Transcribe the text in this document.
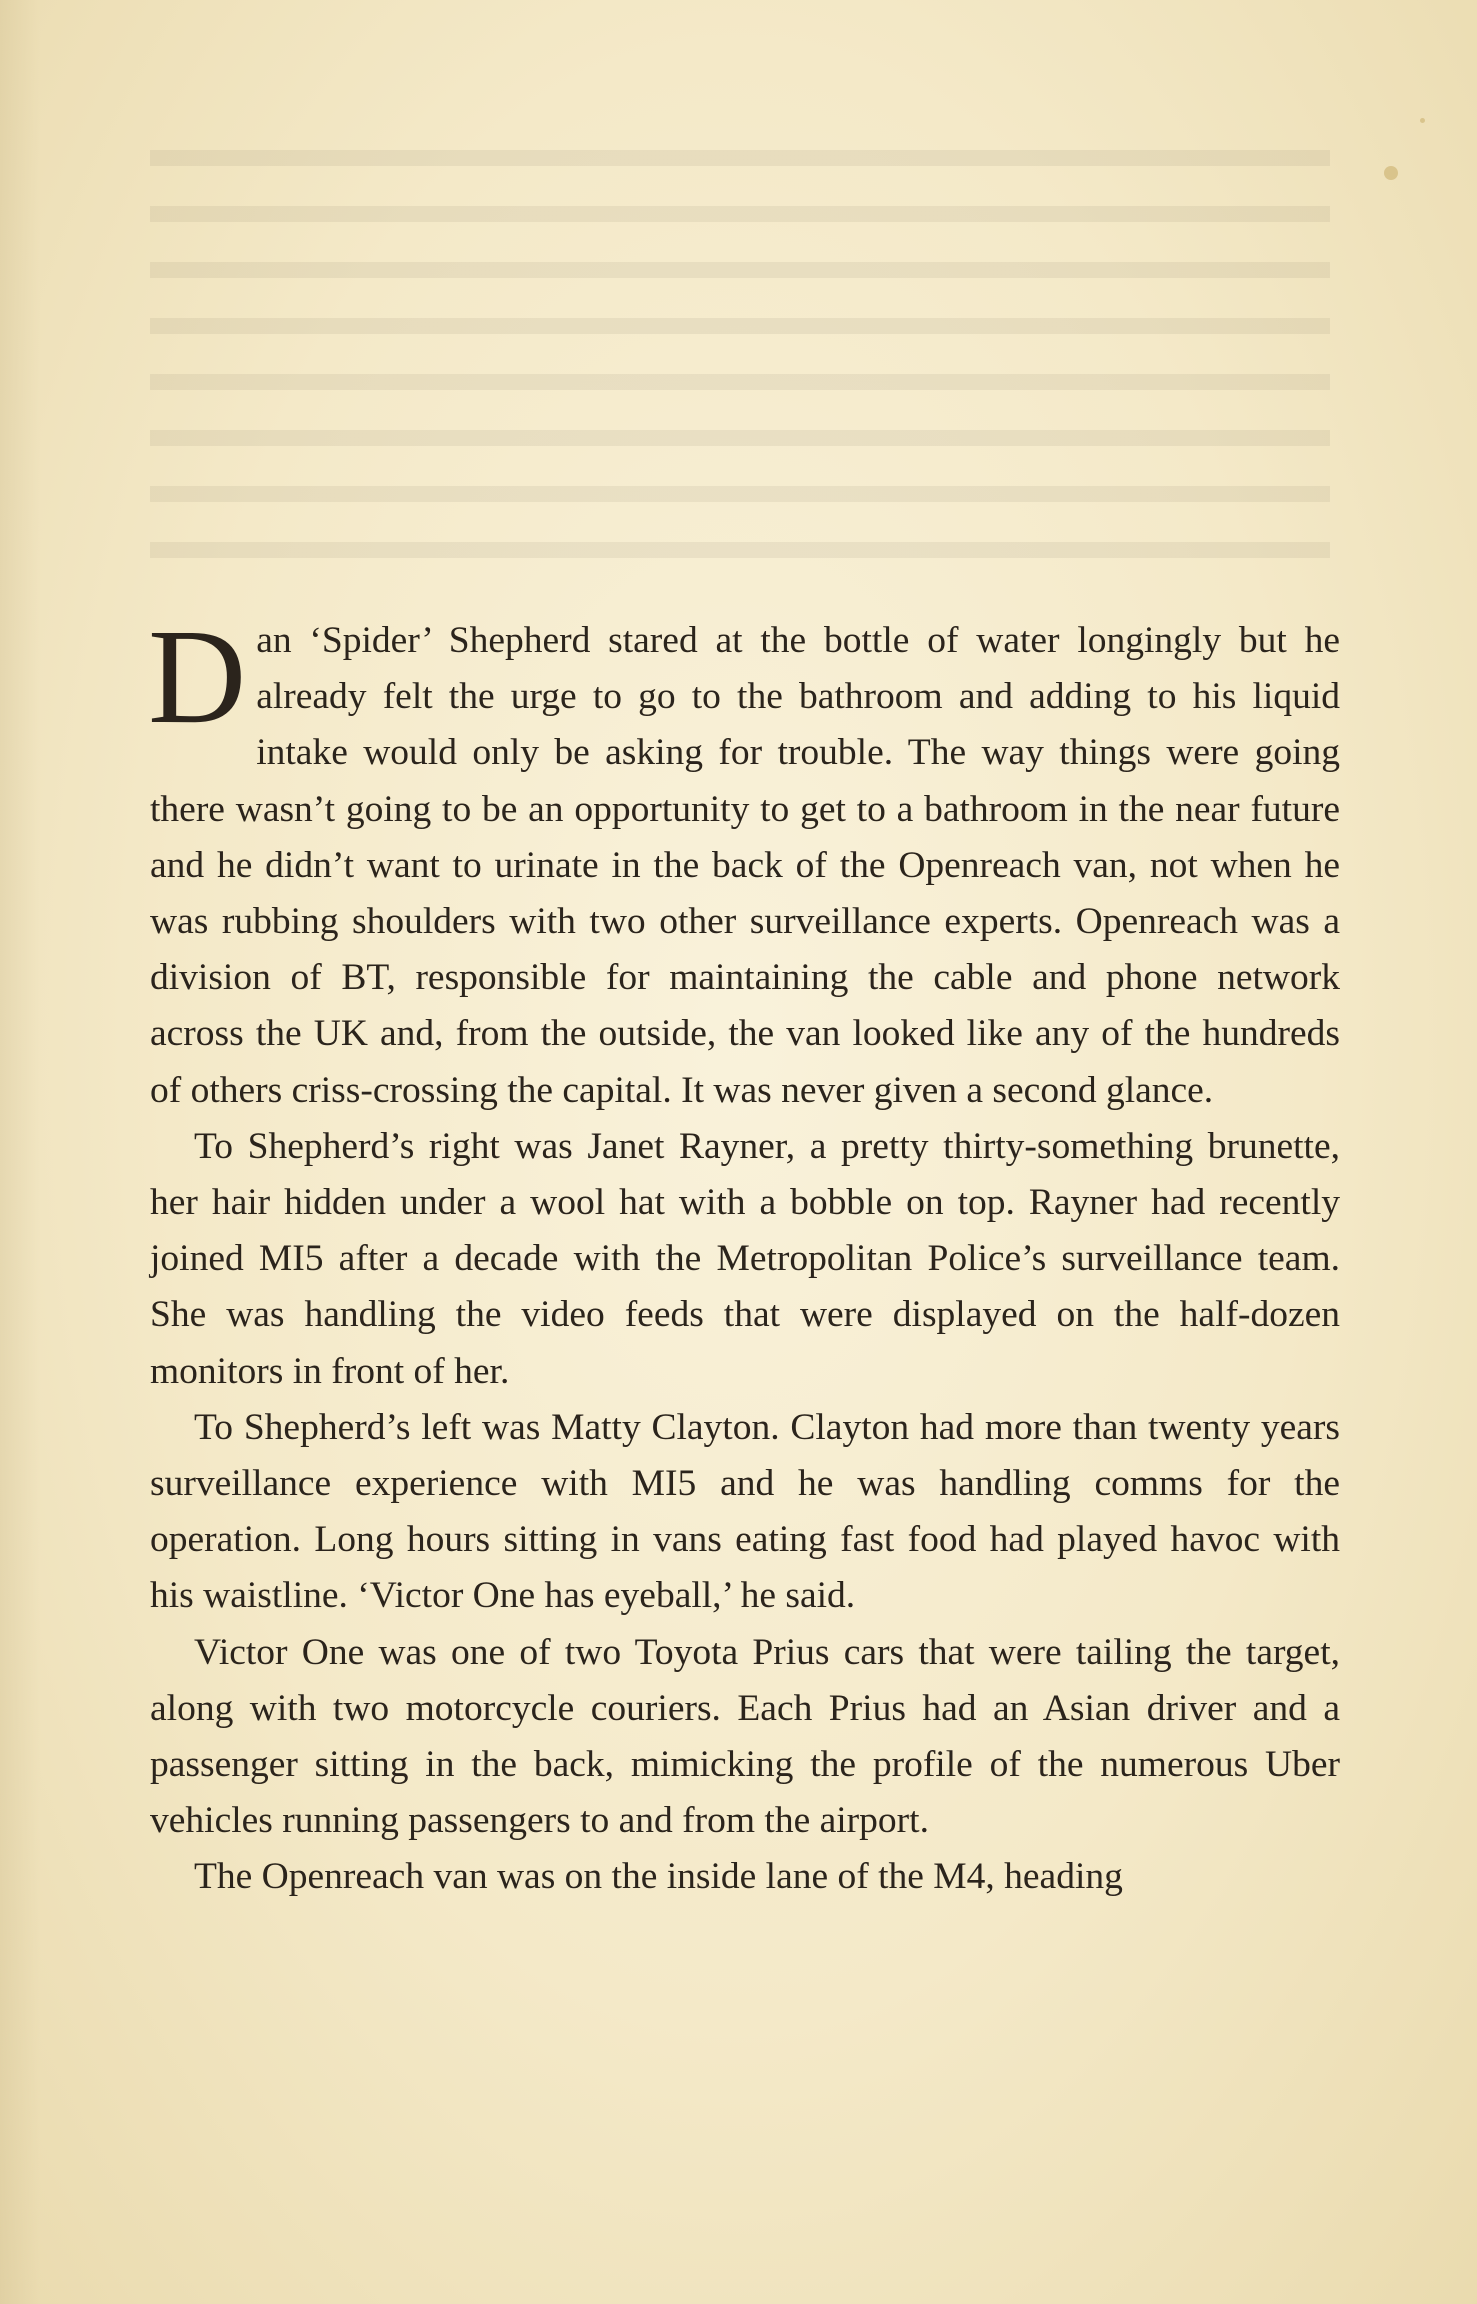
Dan ‘Spider’ Shepherd stared at the bottle of water longingly but he already felt the urge to go to the bathroom and adding to his liquid intake would only be asking for trouble. The way things were going there wasn’t going to be an opportunity to get to a bathroom in the near future and he didn’t want to urinate in the back of the Openreach van, not when he was rubbing shoulders with two other surveillance experts. Openreach was a division of BT, responsible for maintaining the cable and phone network across the UK and, from the outside, the van looked like any of the hundreds of others criss-crossing the capital. It was never given a second glance.

To Shepherd’s right was Janet Rayner, a pretty thirty-something brunette, her hair hidden under a wool hat with a bobble on top. Rayner had recently joined MI5 after a decade with the Metropolitan Police’s surveillance team. She was handling the video feeds that were displayed on the half-dozen monitors in front of her.

To Shepherd’s left was Matty Clayton. Clayton had more than twenty years surveillance experience with MI5 and he was handling comms for the operation. Long hours sitting in vans eating fast food had played havoc with his waistline. ‘Victor One has eyeball,’ he said.

Victor One was one of two Toyota Prius cars that were tailing the target, along with two motorcycle couriers. Each Prius had an Asian driver and a passenger sitting in the back, mimicking the profile of the numerous Uber vehicles running passengers to and from the airport.

The Openreach van was on the inside lane of the M4, heading
